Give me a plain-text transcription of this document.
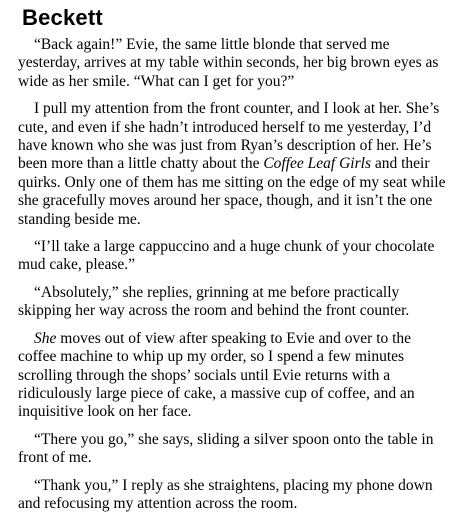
Beckett

“Back again!” Evie, the same little blonde that served me yesterday, arrives at my table within seconds, her big brown eyes as wide as her smile. “What can I get for you?”

I pull my attention from the front counter, and I look at her. She’s cute, and even if she hadn’t introduced herself to me yesterday, I’d have known who she was just from Ryan’s description of her. He’s been more than a little chatty about the Coffee Leaf Girls and their quirks. Only one of them has me sitting on the edge of my seat while she gracefully moves around her space, though, and it isn’t the one standing beside me.

“I’ll take a large cappuccino and a huge chunk of your chocolate mud cake, please.”

“Absolutely,” she replies, grinning at me before practically skipping her way across the room and behind the front counter.

She moves out of view after speaking to Evie and over to the coffee machine to whip up my order, so I spend a few minutes scrolling through the shops’ socials until Evie returns with a ridiculously large piece of cake, a massive cup of coffee, and an inquisitive look on her face.

“There you go,” she says, sliding a silver spoon onto the table in front of me.

“Thank you,” I reply as she straightens, placing my phone down and refocusing my attention across the room.
